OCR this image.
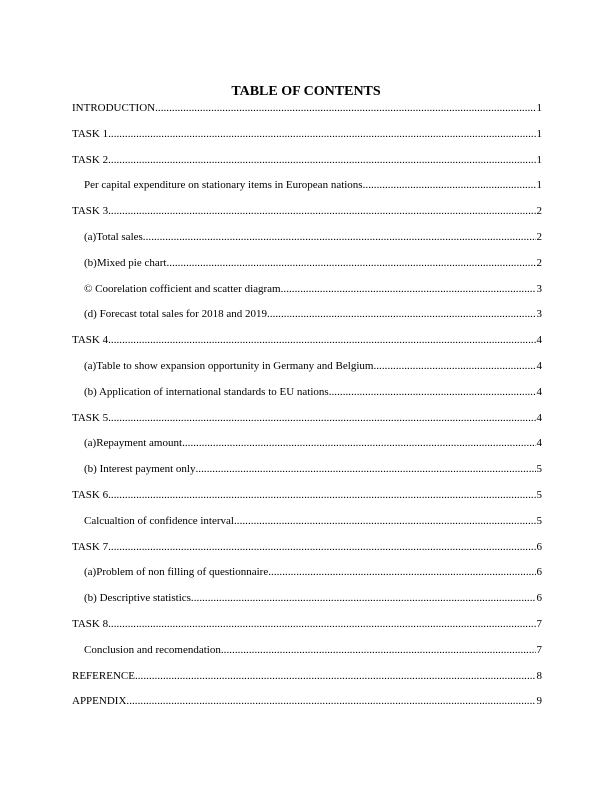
TABLE OF CONTENTS
INTRODUCTION .....	1
TASK 1 .....	1
TASK 2 .....	1
Per capital expenditure on stationary items in European nations .....	1
TASK 3 .....	2
(a)Total sales .....	2
(b)Mixed pie chart .....	2
© Coorelation cofficient and scatter diagram .....	3
(d) Forecast total sales for 2018 and 2019 .....	3
TASK 4 .....	4
(a)Table to show expansion opportunity in Germany and Belgium .....	4
(b) Application of international standards to EU nations .....	4
TASK 5 .....	4
(a)Repayment amount .....	4
(b) Interest payment only .....	5
TASK 6 .....	5
Calcualtion of confidence interval .....	5
TASK 7 .....	6
(a)Problem of non filling of questionnaire .....	6
(b) Descriptive statistics .....	6
TASK 8 .....	7
Conclusion and recomendation .....	7
REFERENCE .....	8
APPENDIX .....	9
